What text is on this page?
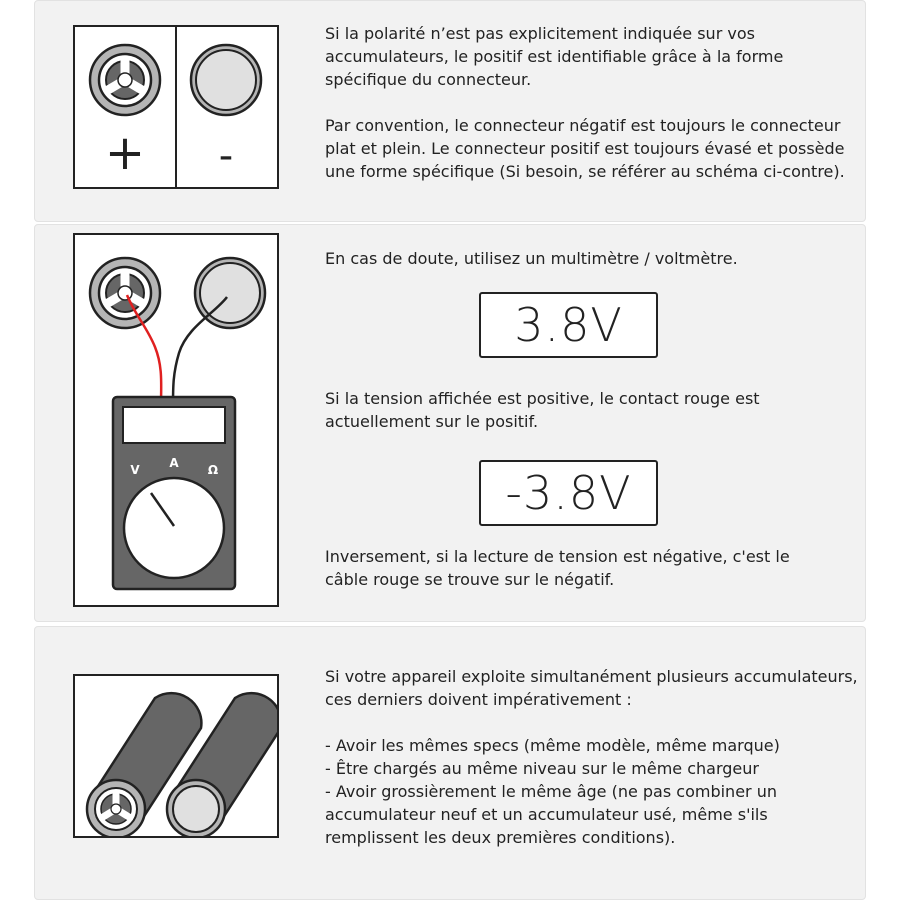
+ -

Si la polarité n’est pas explicitement indiquée sur vos accumulateurs, le positif est identifiable grâce à la forme spécifique du connecteur.

Par convention, le connecteur négatif est toujours le connecteur plat et plein. Le connecteur positif est toujours évasé et possède une forme spécifique (Si besoin, se référer au schéma ci-contre).

V A Ω
En cas de doute, utilisez un multimètre / voltmètre.
3.8V
Si la tension affichée est positive, le contact rouge est actuellement sur le positif.
-3.8V
Inversement, si la lecture de tension est négative, c'est le câble rouge se trouve sur le négatif.

Si votre appareil exploite simultanément plusieurs accumulateurs, ces derniers doivent impérativement :

- Avoir les mêmes specs (même modèle, même marque)

- Être chargés au même niveau sur le même chargeur

- Avoir grossièrement le même âge (ne pas combiner un accumulateur neuf et un accumulateur usé, même s'ils remplissent les deux premières conditions).
